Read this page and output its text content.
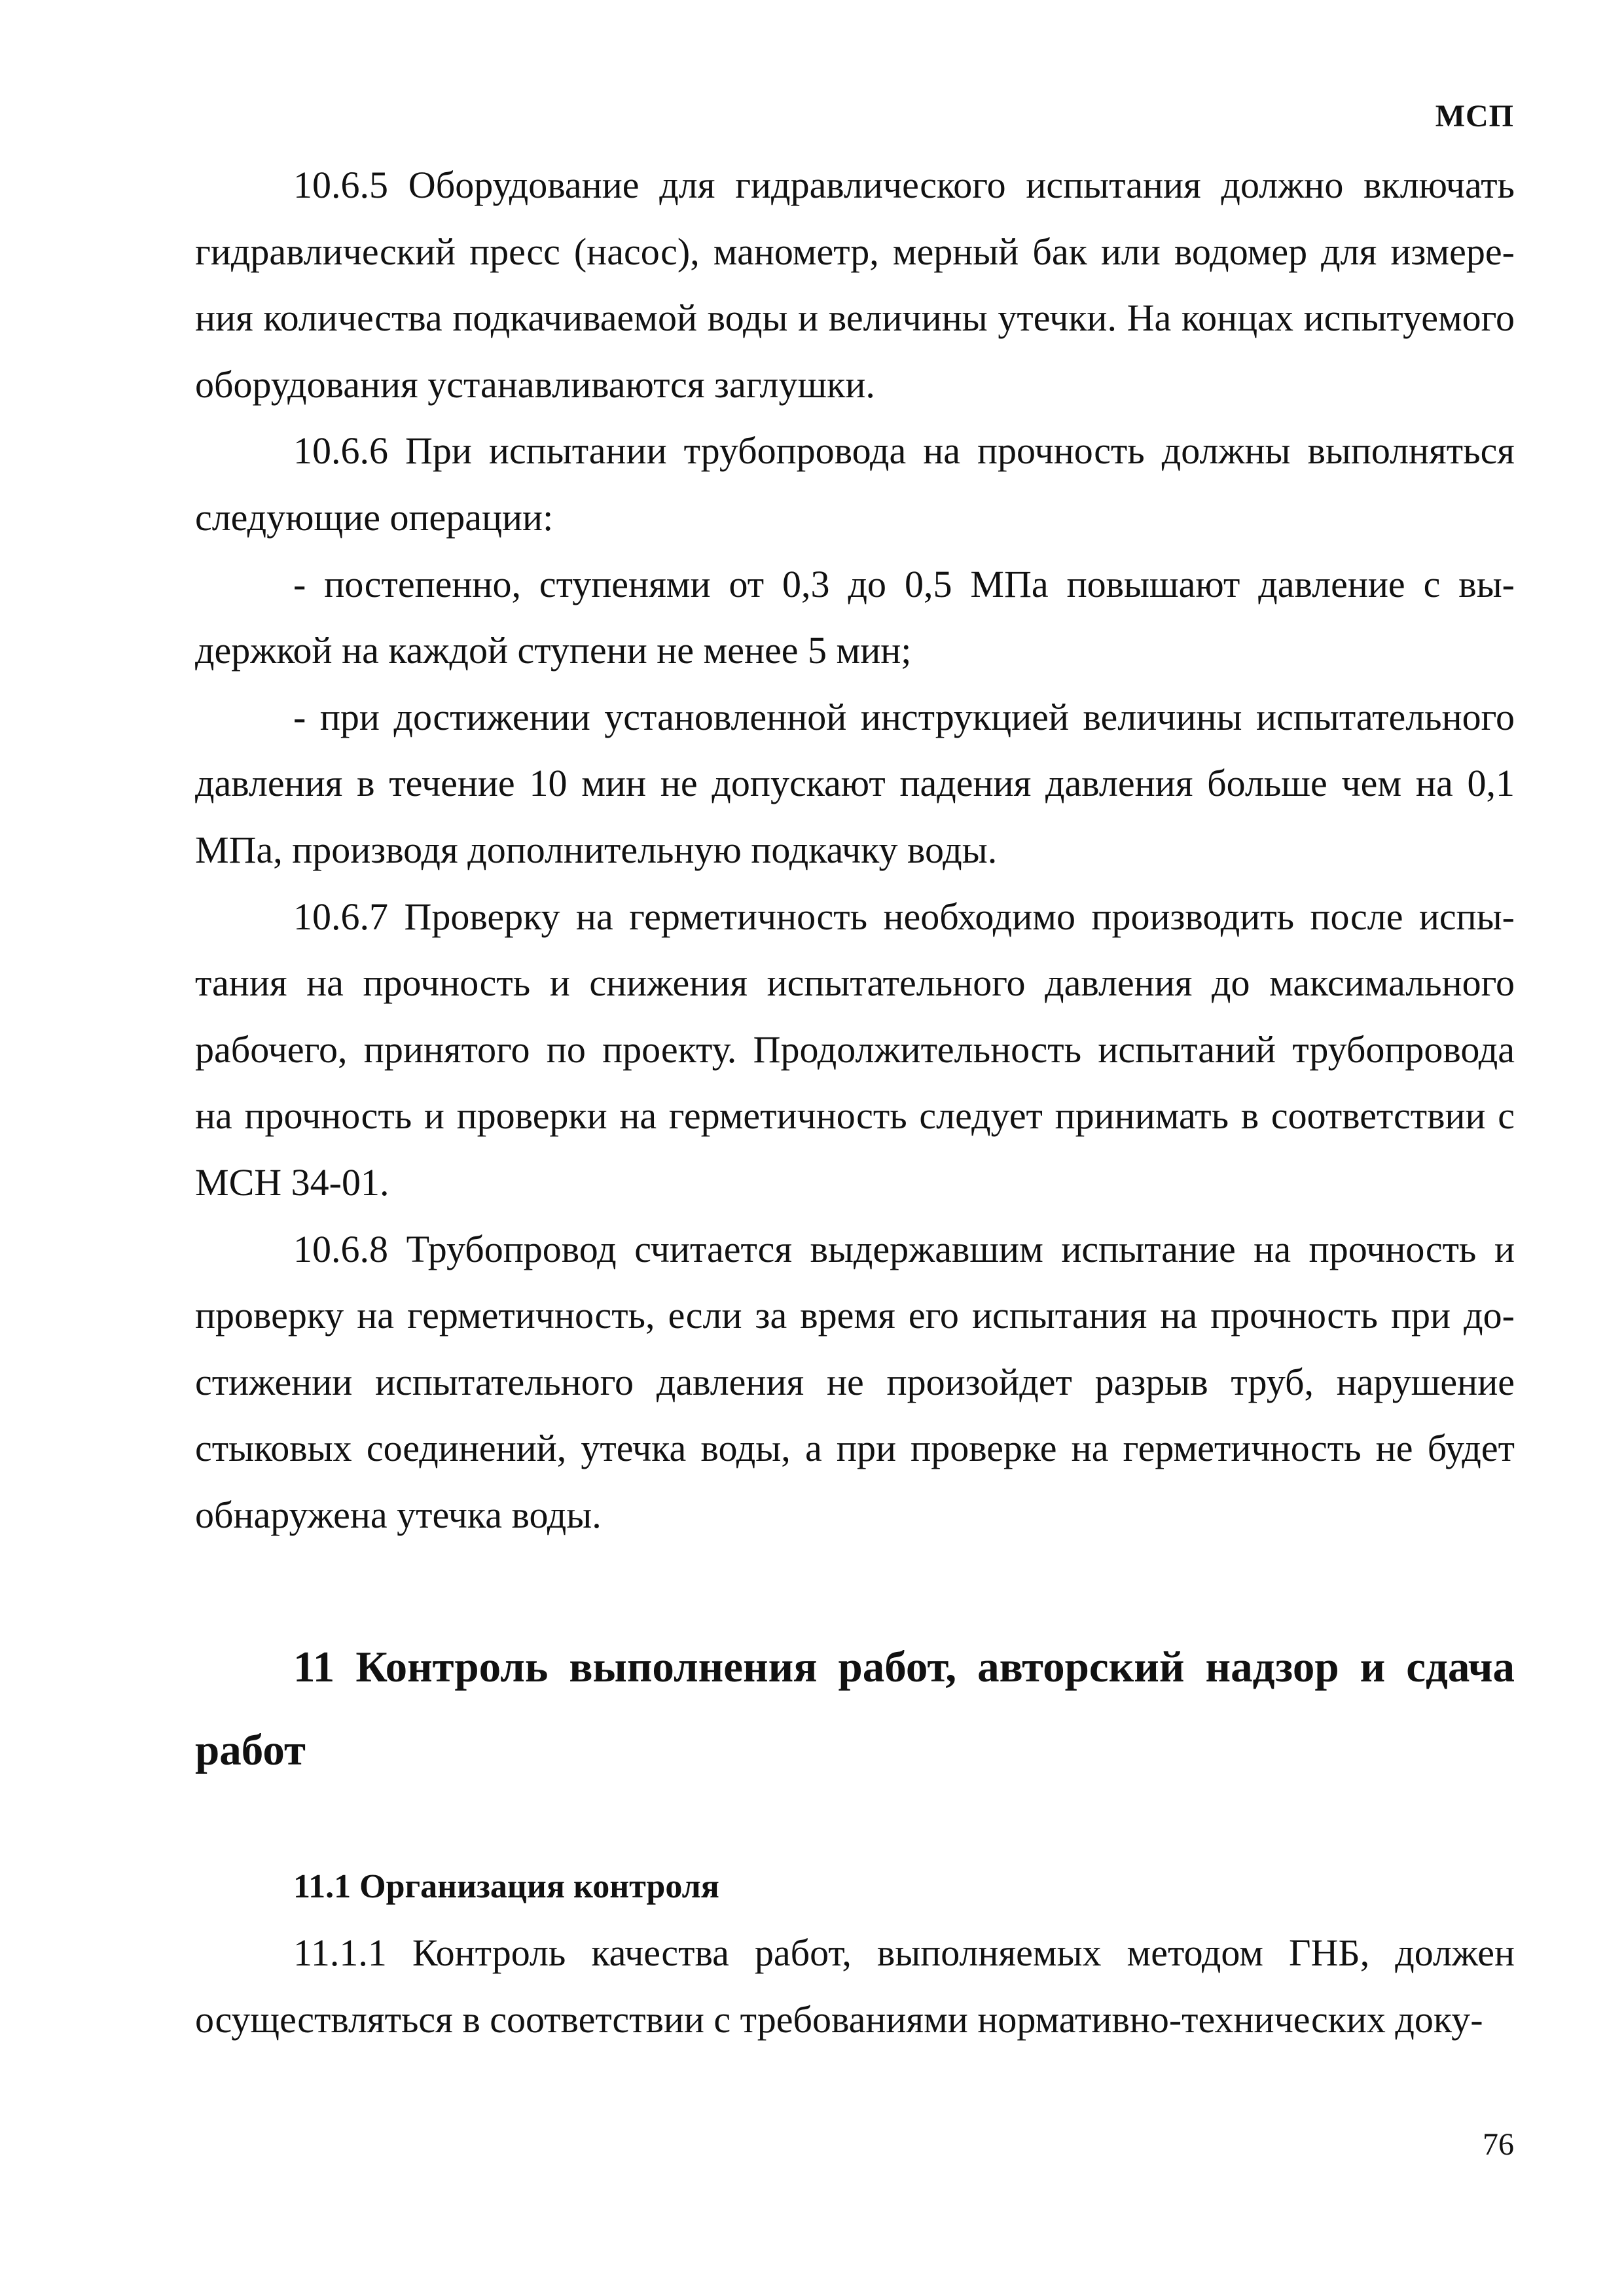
МСП

10.6.5 Оборудование для гидравлического испытания должно включать гидравлический пресс (насос), манометр, мерный бак или водомер для измерения количества подкачиваемой воды и величины утечки. На концах испытуемого оборудования устанавливаются заглушки.

10.6.6 При испытании трубопровода на прочность должны выполняться следующие операции:

- постепенно, ступенями от 0,3 до 0,5 МПа повышают давление с выдержкой на каждой ступени не менее 5 мин;

- при достижении установленной инструкцией величины испытательного давления в течение 10 мин не допускают падения давления больше чем на 0,1 МПа, производя дополнительную подкачку воды.

10.6.7 Проверку на герметичность необходимо производить после испытания на прочность и снижения испытательного давления до максимального рабочего, принятого по проекту. Продолжительность испытаний трубопровода на прочность и проверки на герметичность следует принимать в соответствии с МСН 34-01.

10.6.8 Трубопровод считается выдержавшим испытание на прочность и проверку на герметичность, если за время его испытания на прочность при достижении испытательного давления не произойдет разрыв труб, нарушение стыковых соединений, утечка воды, а при проверке на герметичность не будет обнаружена утечка воды.

11 Контроль выполнения работ, авторский надзор и сдача работ
11.1 Организация контроля

11.1.1 Контроль качества работ, выполняемых методом ГНБ, должен осуществляться в соответствии с требованиями нормативно-технических доку-

76
